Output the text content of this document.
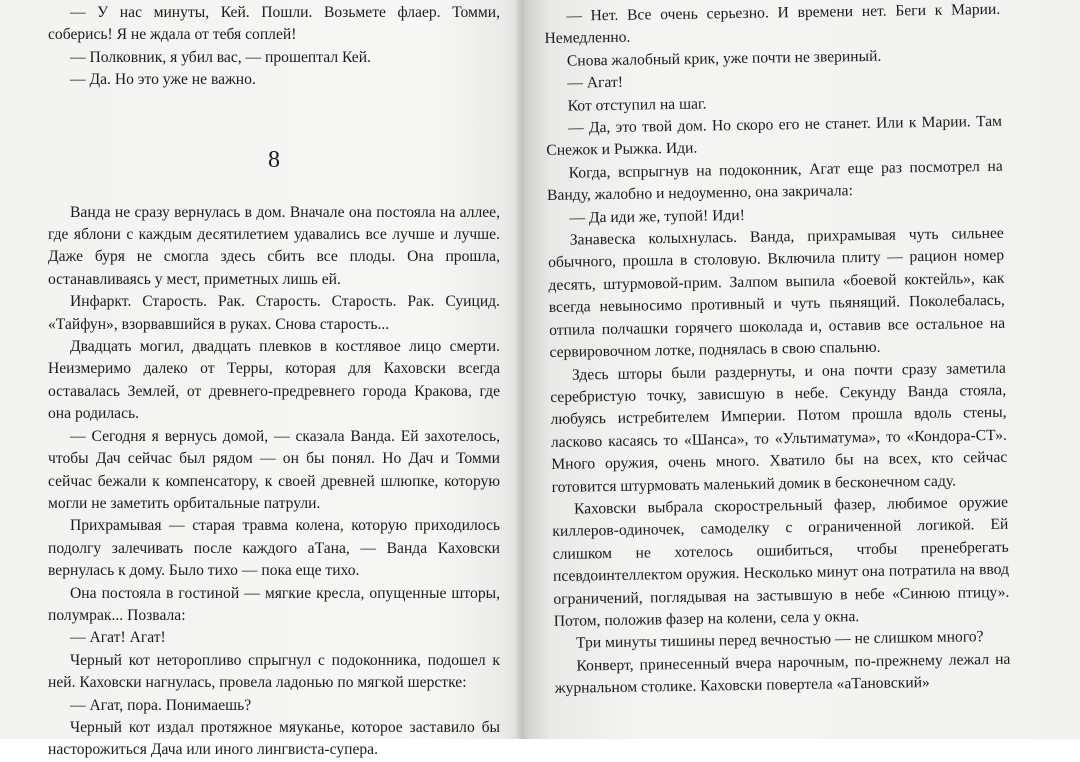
— У нас минуты, Кей. Пошли. Возьмете флаер. Томми, соберись! Я не ждала от тебя соплей!

— Полковник, я убил вас, — прошептал Кей.

— Да. Но это уже не важно.

8

Ванда не сразу вернулась в дом. Вначале она постояла на аллее, где яблони с каждым десятилетием удавались все лучше и лучше. Даже буря не смогла здесь сбить все плоды. Она прошла, останавливаясь у мест, приметных лишь ей.

Инфаркт. Старость. Рак. Старость. Старость. Рак. Суицид. «Тайфун», взорвавшийся в руках. Снова старость...

Двадцать могил, двадцать плевков в костлявое лицо смерти. Неизмеримо далеко от Терры, которая для Каховски всегда оставалась Землей, от древнего-предревнего города Кракова, где она родилась.

— Сегодня я вернусь домой, — сказала Ванда. Ей захотелось, чтобы Дач сейчас был рядом — он бы понял. Но Дач и Томми сейчас бежали к компенсатору, к своей древней шлюпке, которую могли не заметить орбитальные патрули.

Прихрамывая — старая травма колена, которую приходилось подолгу залечивать после каждого аТана, — Ванда Каховски вернулась к дому. Было тихо — пока еще тихо.

Она постояла в гостиной — мягкие кресла, опущенные шторы, полумрак... Позвала:

— Агат! Агат!

Черный кот неторопливо спрыгнул с подоконника, подошел к ней. Каховски нагнулась, провела ладонью по мягкой шерстке:

— Агат, пора. Понимаешь?

Черный кот издал протяжное мяуканье, которое заставило бы насторожиться Дача или иного лингвиста-супера.

— Нет. Все очень серьезно. И времени нет. Беги к Марии. Немедленно.

Снова жалобный крик, уже почти не звериный.

— Агат!

Кот отступил на шаг.

— Да, это твой дом. Но скоро его не станет. Или к Марии. Там Снежок и Рыжка. Иди.

Когда, вспрыгнув на подоконник, Агат еще раз посмотрел на Ванду, жалобно и недоуменно, она закричала:

— Да иди же, тупой! Иди!

Занавеска колыхнулась. Ванда, прихрамывая чуть сильнее обычного, прошла в столовую. Включила плиту — рацион номер десять, штурмовой-прим. Залпом выпила «боевой коктейль», как всегда невыносимо противный и чуть пьянящий. Поколебалась, отпила полчашки горячего шоколада и, оставив все остальное на сервировочном лотке, поднялась в свою спальню.

Здесь шторы были раздернуты, и она почти сразу заметила серебристую точку, зависшую в небе. Секунду Ванда стояла, любуясь истребителем Империи. Потом прошла вдоль стены, ласково касаясь то «Шанса», то «Ультиматума», то «Кондора-СТ». Много оружия, очень много. Хватило бы на всех, кто сейчас готовится штурмовать маленький домик в бесконечном саду.

Каховски выбрала скорострельный фазер, любимое оружие киллеров-одиночек, самоделку с ограниченной логикой. Ей слишком не хотелось ошибиться, чтобы пренебрегать псевдоинтеллектом оружия. Несколько минут она потратила на ввод ограничений, поглядывая на застывшую в небе «Синюю птицу». Потом, положив фазер на колени, села у окна.

Три минуты тишины перед вечностью — не слишком много?

Конверт, принесенный вчера нарочным, по-прежнему лежал на журнальном столике. Каховски повертела «аТановский»
